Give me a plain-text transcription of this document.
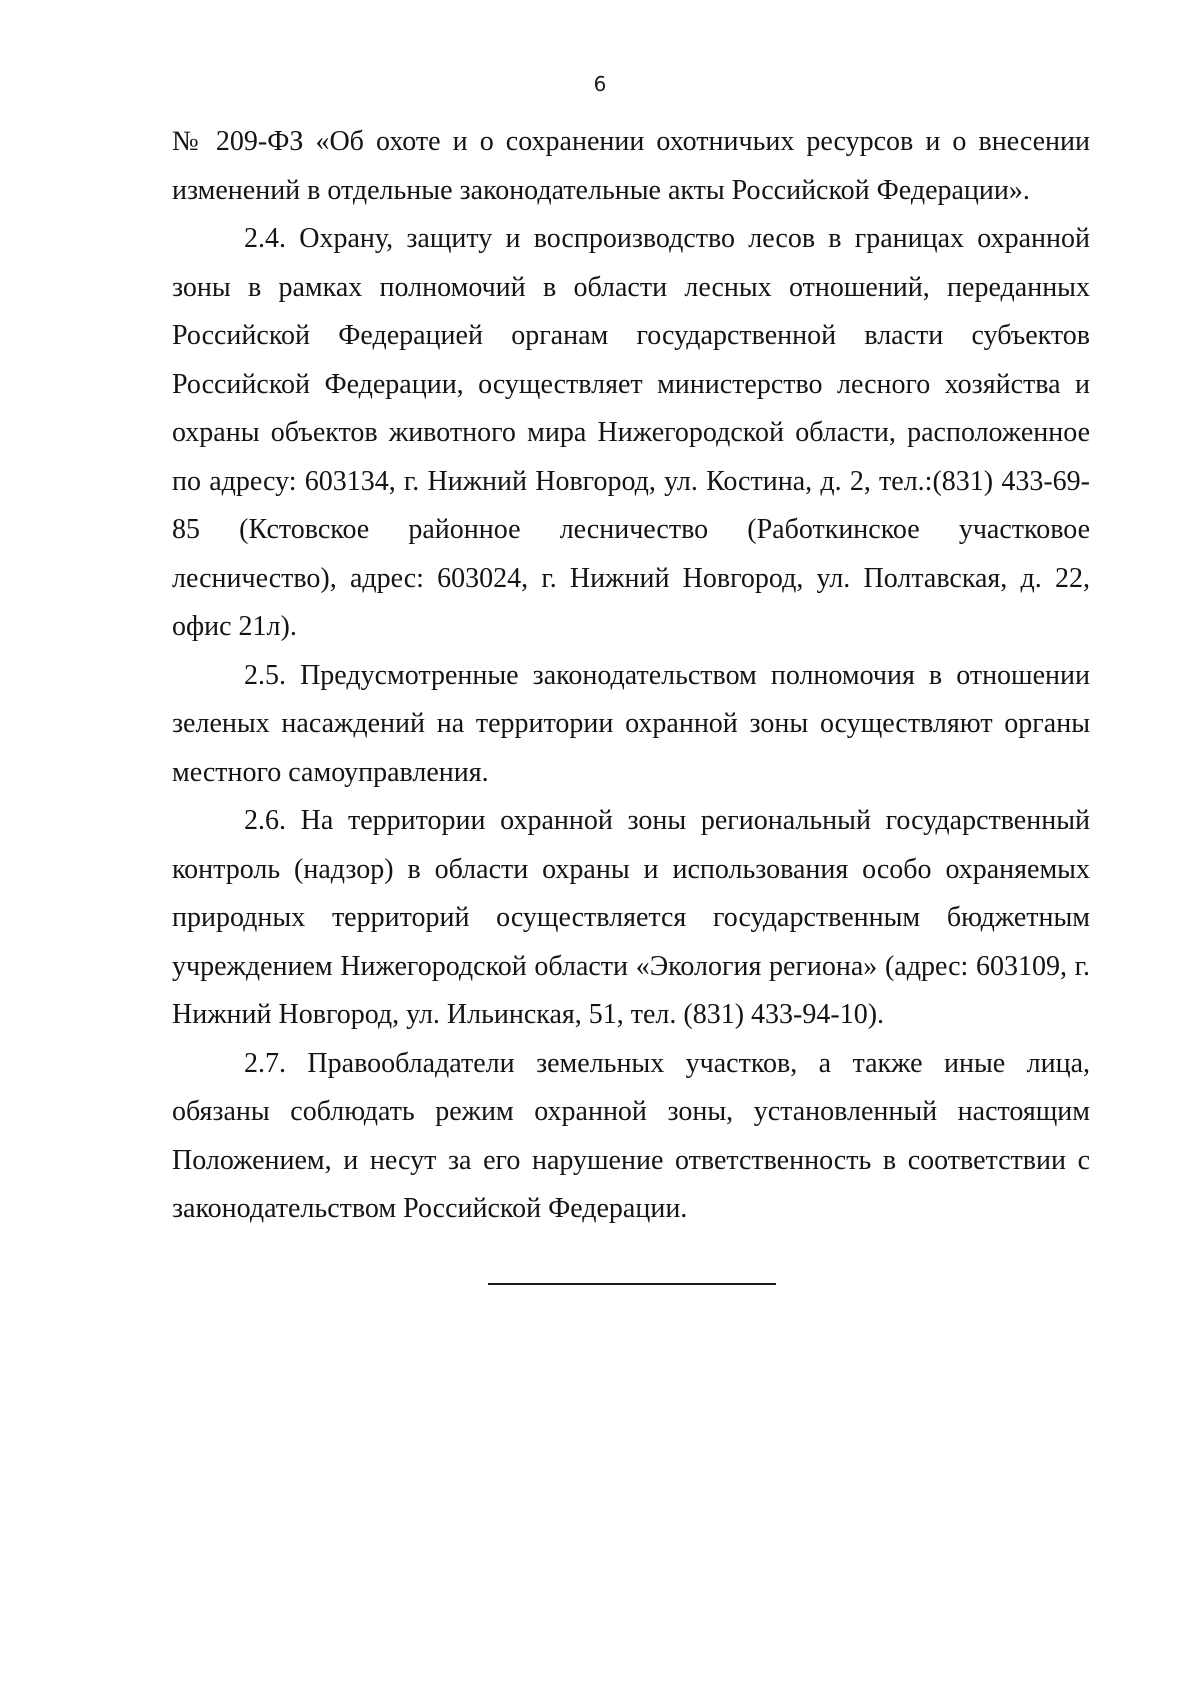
6

№ 209-ФЗ «Об охоте и о сохранении охотничьих ресурсов и о внесении изменений в отдельные законодательные акты Российской Федерации».

2.4. Охрану, защиту и воспроизводство лесов в границах охранной зоны в рамках полномочий в области лесных отношений, переданных Российской Федерацией органам государственной власти субъектов Российской Федерации, осуществляет министерство лесного хозяйства и охраны объектов животного мира Нижегородской области, расположенное по адресу: 603134, г. Нижний Новгород, ул. Костина, д. 2, тел.:(831) 433-69-85 (Кстовское районное лесничество (Работкинское участковое лесничество), адрес: 603024, г. Нижний Новгород, ул. Полтавская, д. 22, офис 21л).

2.5. Предусмотренные законодательством полномочия в отношении зеленых насаждений на территории охранной зоны осуществляют органы местного самоуправления.

2.6. На территории охранной зоны региональный государственный контроль (надзор) в области охраны и использования особо охраняемых природных территорий осуществляется государственным бюджетным учреждением Нижегородской области «Экология региона» (адрес: 603109, г. Нижний Новгород, ул. Ильинская, 51, тел. (831) 433-94-10).

2.7. Правообладатели земельных участков, а также иные лица, обязаны соблюдать режим охранной зоны, установленный настоящим Положением, и несут за его нарушение ответственность в соответствии с законодательством Российской Федерации.
